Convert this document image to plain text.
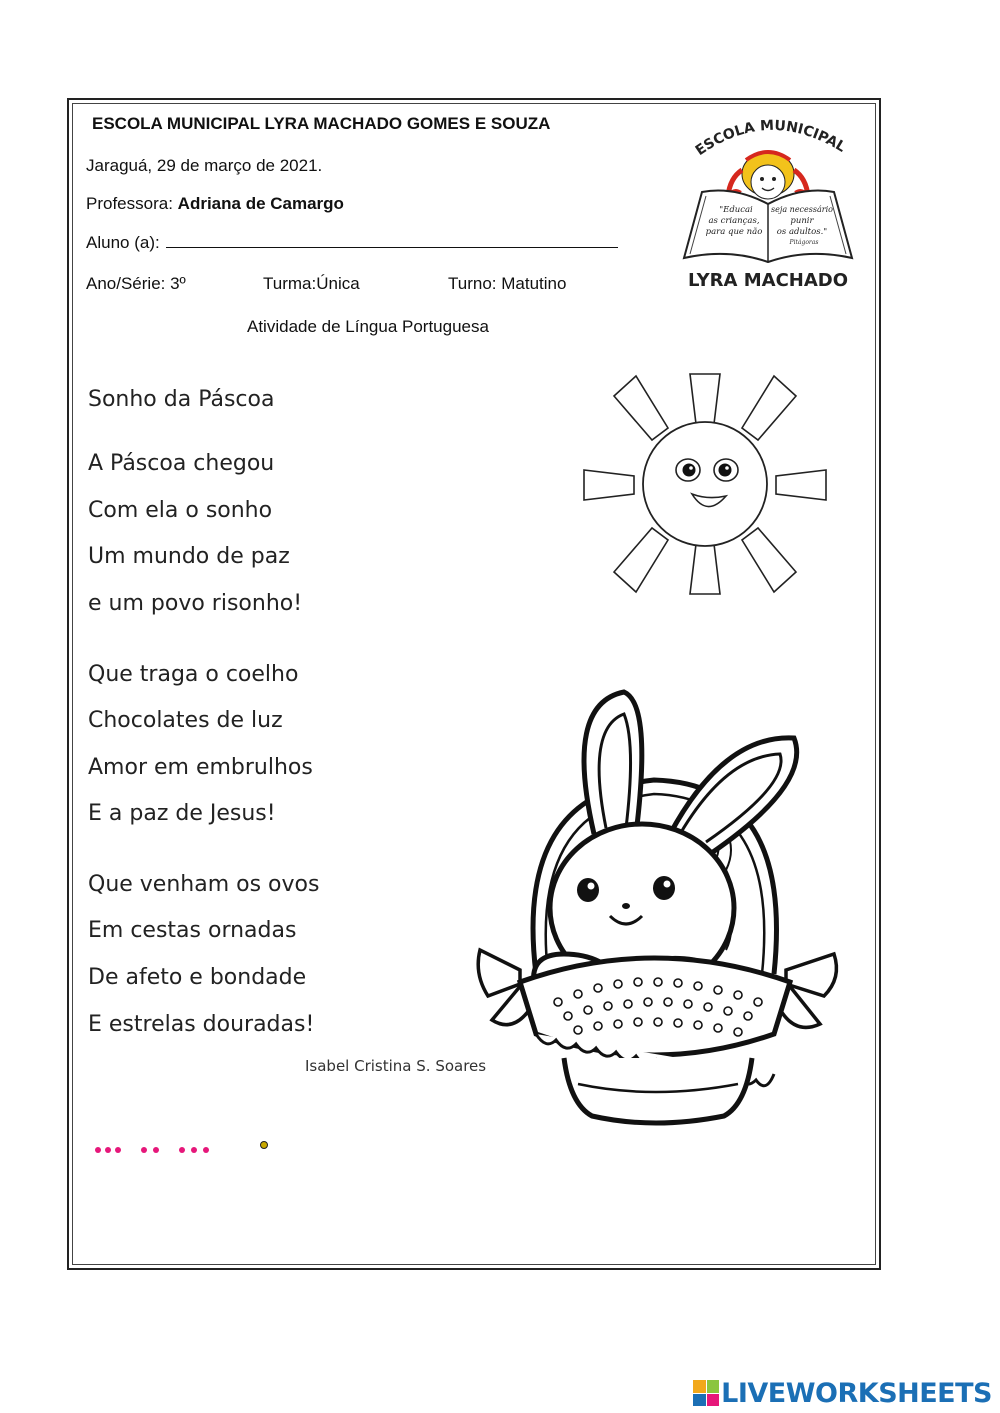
ESCOLA MUNICIPAL LYRA MACHADO GOMES E SOUZA
Jaraguá, 29 de março de 2021.
Professora: Adriana de Camargo
Aluno (a):
Ano/Série: 3º	Turma:Única	Turno: Matutino
Atividade de Língua Portuguesa
ESCOLA MUNICIPAL
"Educai
as crianças,
para que não
seja necessário
punir
os adultos."
Pitágoras
LYRA MACHADO
Sonho da Páscoa
A Páscoa chegou
Com ela o sonho
Um mundo de paz
e um povo risonho!
Que traga o coelho
Chocolates de luz
Amor em embrulhos
E a paz de Jesus!
Que venham os ovos
Em cestas ornadas
De afeto e bondade
E estrelas douradas!
Isabel Cristina S. Soares
LIVEWORKSHEETS
